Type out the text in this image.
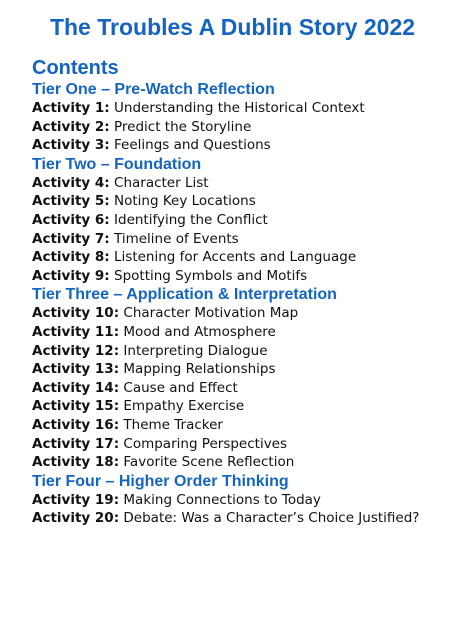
The Troubles A Dublin Story 2022
Contents
Tier One – Pre-Watch Reflection
Activity 1: Understanding the Historical Context
Activity 2: Predict the Storyline
Activity 3: Feelings and Questions
Tier Two – Foundation
Activity 4: Character List
Activity 5: Noting Key Locations
Activity 6: Identifying the Conflict
Activity 7: Timeline of Events
Activity 8: Listening for Accents and Language
Activity 9: Spotting Symbols and Motifs
Tier Three – Application & Interpretation
Activity 10: Character Motivation Map
Activity 11: Mood and Atmosphere
Activity 12: Interpreting Dialogue
Activity 13: Mapping Relationships
Activity 14: Cause and Effect
Activity 15: Empathy Exercise
Activity 16: Theme Tracker
Activity 17: Comparing Perspectives
Activity 18: Favorite Scene Reflection
Tier Four – Higher Order Thinking
Activity 19: Making Connections to Today
Activity 20: Debate: Was a Character’s Choice Justified?
